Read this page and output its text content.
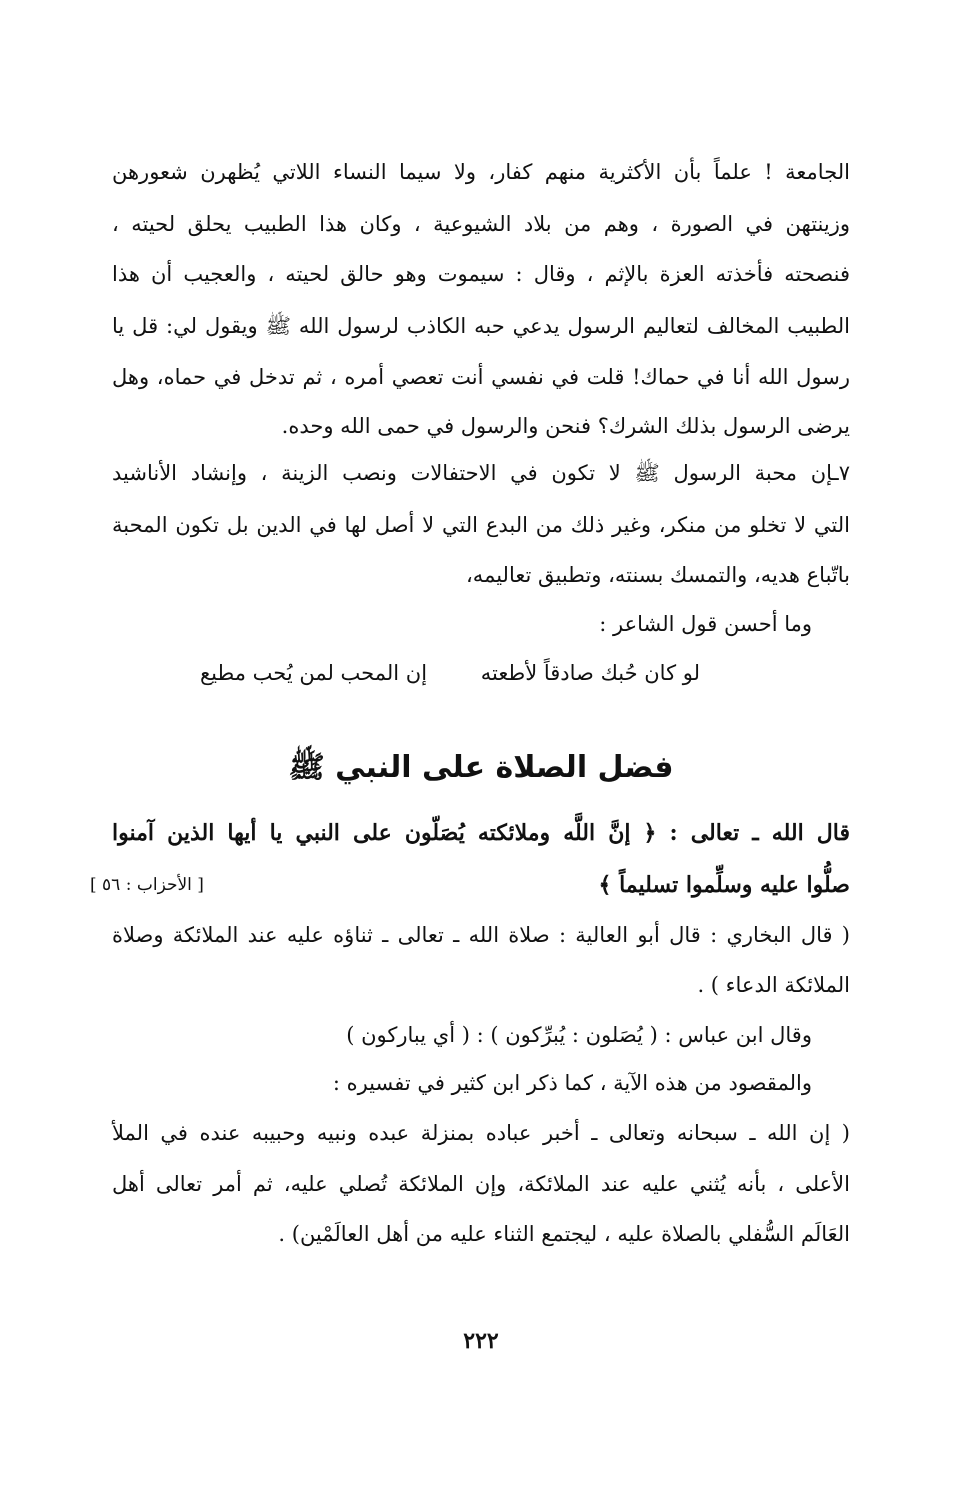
الجامعة ! علماً بأن الأكثرية منهم كفار، ولا سيما النساء اللاتي يُظهرن شعورهن
وزينتهن في الصورة ، وهم من بلاد الشيوعية ، وكان هذا الطبيب يحلق لحيته ،
فنصحته فأخذته العزة بالإثم ، وقال : سيموت وهو حالق لحيته ، والعجيب أن هذا
الطبيب المخالف لتعاليم الرسول يدعي حبه الكاذب لرسول الله ﷺ ويقول لي: قل يا
رسول الله أنا في حماك! قلت في نفسي أنت تعصي أمره ، ثم تدخل في حماه، وهل
يرضى الرسول بذلك الشرك؟ فنحن والرسول في حمى الله وحده.
٧ـإن محبة الرسول ﷺ لا تكون في الاحتفالات ونصب الزينة ، وإنشاد الأناشيد
التي لا تخلو من منكر، وغير ذلك من البدع التي لا أصل لها في الدين بل تكون المحبة
باتّباع هديه، والتمسك بسنته، وتطبيق تعاليمه،
وما أحسن قول الشاعر :
لو كان حُبك صادقاً لأطعته
إن المحب لمن يُحب مطيع
فضل الصلاة على النبي ﷺ
قال الله ـ تعالى : ﴿ إنَّ اللَّه وملائكته يُصَلّون على النبي يا أيها الذين آمنوا
صلُّوا عليه وسلِّموا تسليماً ﴾
[ الأحزاب : ٥٦ ]
( قال البخاري : قال أبو العالية : صلاة الله ـ تعالى ـ ثناؤه عليه عند الملائكة وصلاة
الملائكة الدعاء ) .
وقال ابن عباس : ( يُصَلون : يُبرِّكون ) : ( أي يباركون )
والمقصود من هذه الآية ، كما ذكر ابن كثير في تفسيره :
( إن الله ـ سبحانه وتعالى ـ أخبر عباده بمنزلة عبده ونبيه وحبيبه عنده في الملأ
الأعلى ، بأنه يُثني عليه عند الملائكة، وإن الملائكة تُصلي عليه، ثم أمر تعالى أهل
العَالَم السُّفلي بالصلاة عليه ، ليجتمع الثناء عليه من أهل العالَمْين) .
٢٢٢
